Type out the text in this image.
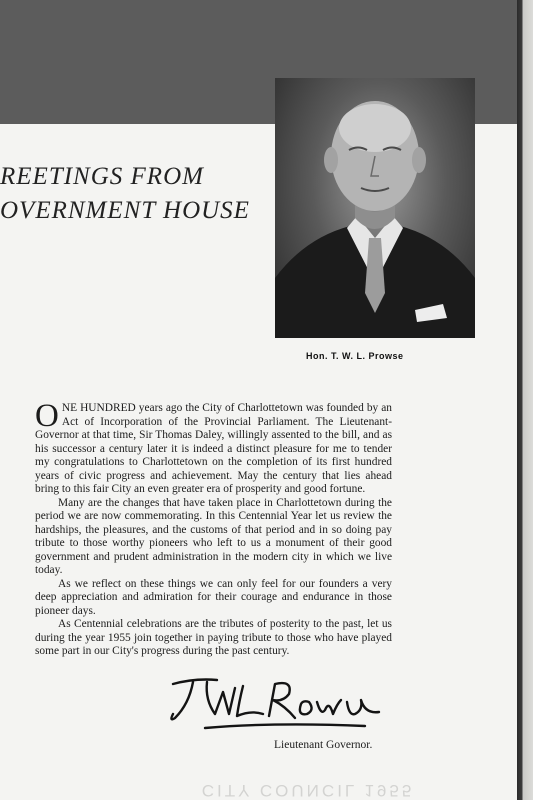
REETINGS FROM
OVERNMENT HOUSE

Hon. T. W. L. Prowse

ONE HUNDRED years ago the City of Charlottetown was founded by an Act of Incorporation of the Provincial Parliament. The Lieutenant-Governor at that time, Sir Thomas Daley, willingly assented to the bill, and as his successor a century later it is indeed a distinct pleasure for me to tender my congratulations to Charlottetown on the completion of its first hundred years of civic progress and achievement. May the century that lies ahead bring to this fair City an even greater era of prosperity and good fortune.

Many are the changes that have taken place in Charlottetown during the period we are now commemorating. In this Centennial Year let us review the hardships, the pleasures, and the customs of that period and in so doing pay tribute to those worthy pioneers who left to us a monument of their good government and prudent administration in the modern city in which we live today.

As we reflect on these things we can only feel for our founders a very deep appreciation and admiration for their courage and endurance in those pioneer days.

As Centennial celebrations are the tributes of posterity to the past, let us during the year 1955 join together in paying tribute to those who have played some part in our City's progress during the past century.

Lieutenant Governor.

CITY COUNCIL 1955
